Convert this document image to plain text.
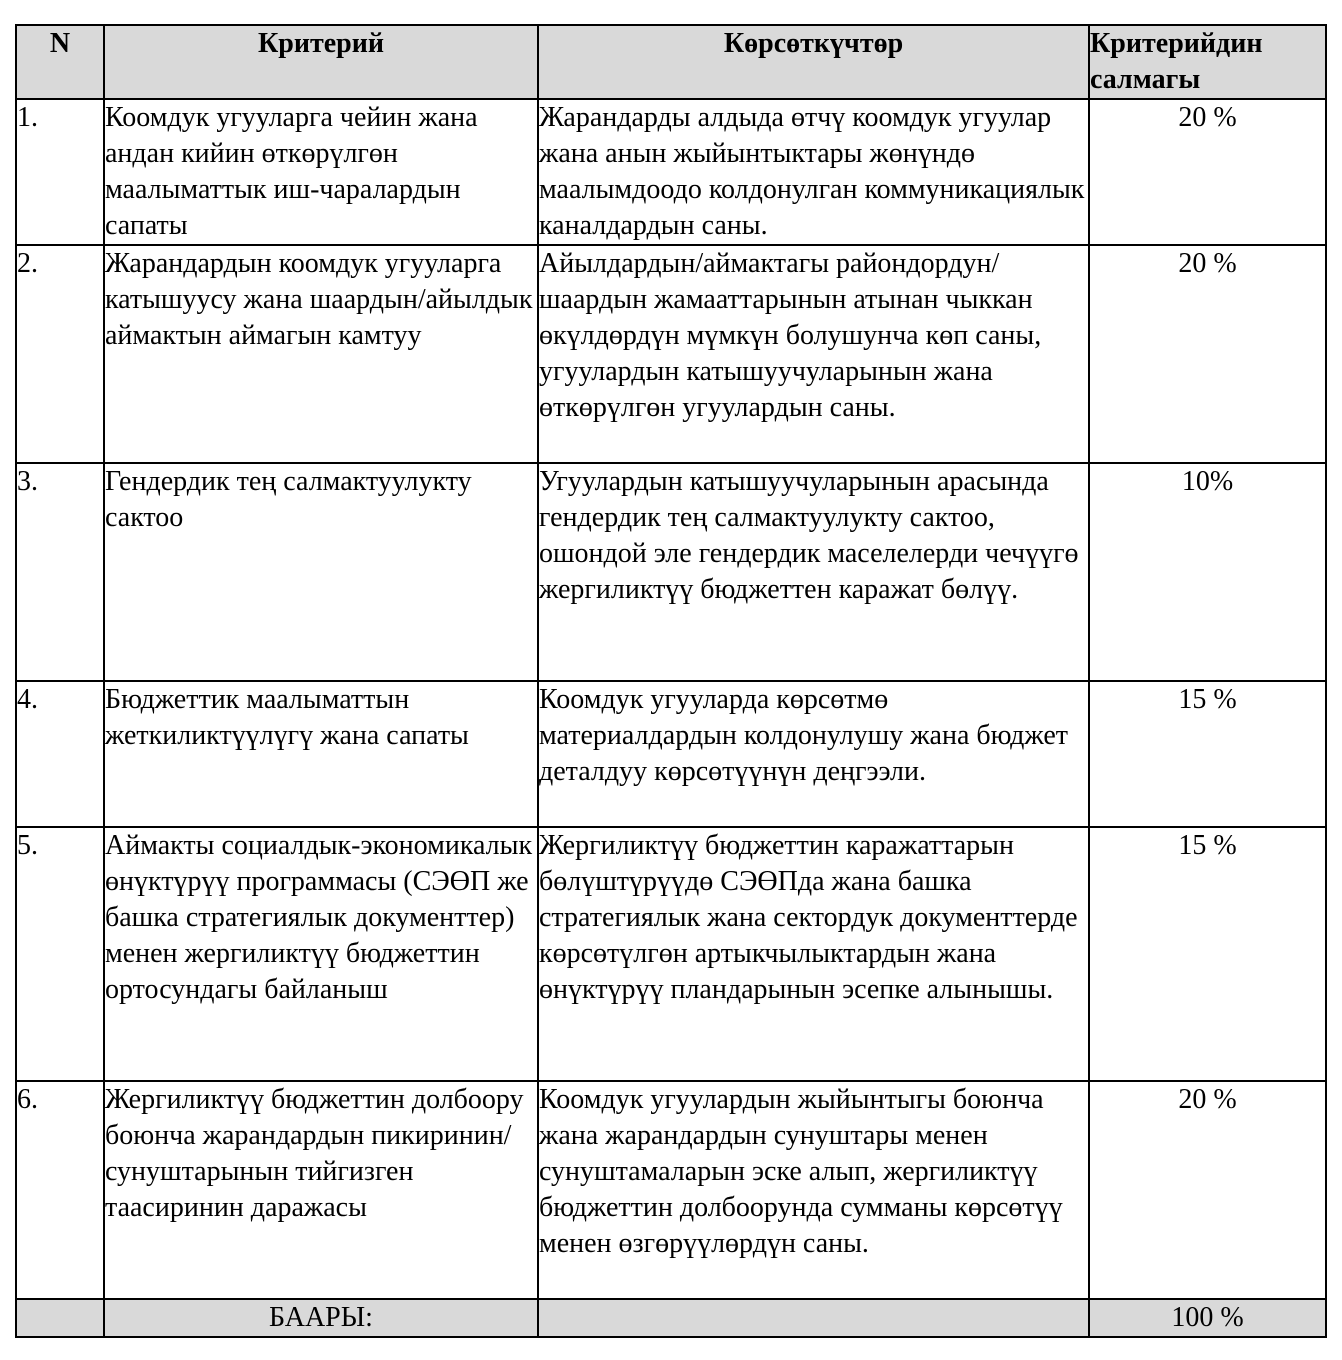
N	Критерий	Көрсөткүчтөр	Критерийдин салмагы
1.	Коомдук угууларга чейин жана андан кийин өткөрүлгөн маалыматтык иш-чаралардын сапаты	Жарандарды алдыда өтчү коомдук угуулар жана анын жыйынтыктары жөнүндө маалымдоодо колдонулган коммуникациялык каналдардын саны.	20 %
2.	Жарандардын коомдук угууларга катышуусу жана шаардын/айылдык аймактын аймагын камтуу	Айылдардын/аймактагы райондордун/шаардын жамааттарынын атынан чыккан өкүлдөрдүн мүмкүн болушунча көп саны, угуулардын катышуучуларынын жана өткөрүлгөн угуулардын саны.	20 %
3.	Гендердик тең салмактуулукту сактоо	Угуулардын катышуучуларынын арасында гендердик тең салмактуулукту сактоо, ошондой эле гендердик маселелерди чечүүгө жергиликтүү бюджеттен каражат бөлүү.	10%
4.	Бюджеттик маалыматтын жеткиликтүүлүгү жана сапаты	Коомдук угууларда көрсөтмө материалдардын колдонулушу жана бюджет деталдуу көрсөтүүнүн деңгээли.	15 %
5.	Аймакты социалдык-экономикалык өнүктүрүү программасы (СЭӨП же башка стратегиялык документтер) менен жергиликтүү бюджеттин ортосундагы байланыш	Жергиликтүү бюджеттин каражаттарын бөлүштүрүүдө СЭӨПда жана башка стратегиялык жана сектордук документтерде көрсөтүлгөн артыкчылыктардын жана өнүктүрүү пландарынын эсепке алынышы.	15 %
6.	Жергиликтүү бюджеттин долбоору боюнча жарандардын пикиринин/сунуштарынын тийгизген таасиринин даражасы	Коомдук угуулардын жыйынтыгы боюнча жана жарандардын сунуштары менен сунуштамаларын эске алып, жергиликтүү бюджеттин долбоорунда сумманы көрсөтүү менен өзгөрүүлөрдүн саны.	20 %
	БААРЫ:		100 %
